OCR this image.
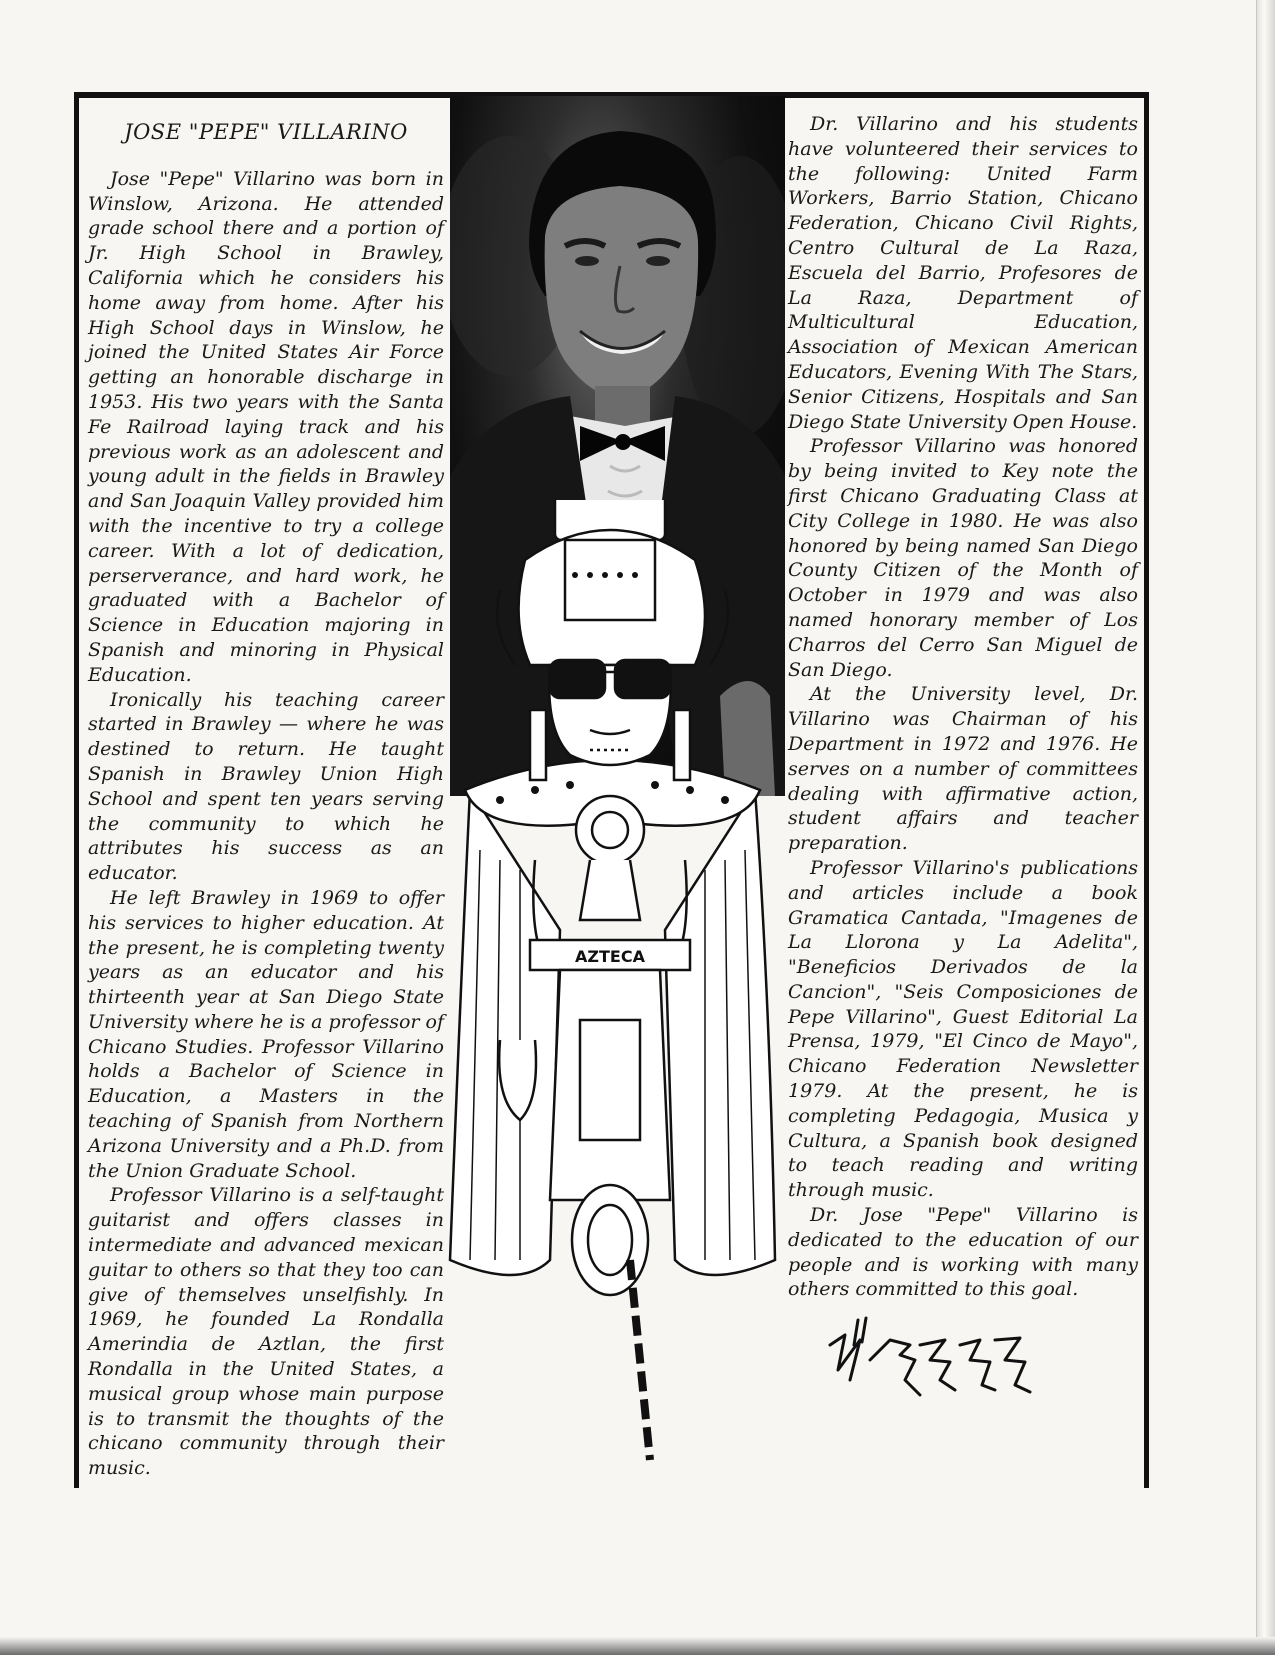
JOSE "PEPE" VILLARINO

Jose "Pepe" Villarino was born in Winslow, Arizona. He attended grade school there and a portion of Jr. High School in Brawley, California which he considers his home away from home. After his High School days in Winslow, he joined the United States Air Force getting an honorable discharge in 1953. His two years with the Santa Fe Railroad laying track and his previous work as an adolescent and young adult in the fields in Brawley and San Joaquin Valley provided him with the incentive to try a college career. With a lot of dedication, perserverance, and hard work, he graduated with a Bachelor of Science in Education majoring in Spanish and minoring in Physical Education.

Ironically his teaching career started in Brawley — where he was destined to return. He taught Spanish in Brawley Union High School and spent ten years serving the community to which he attributes his success as an educator.

He left Brawley in 1969 to offer his services to higher education. At the present, he is completing twenty years as an educator and his thirteenth year at San Diego State University where he is a professor of Chicano Studies. Professor Villarino holds a Bachelor of Science in Education, a Masters in the teaching of Spanish from Northern Arizona University and a Ph.D. from the Union Graduate School.

Professor Villarino is a self-taught guitarist and offers classes in intermediate and advanced mexican guitar to others so that they too can give of themselves unselfishly. In 1969, he founded La Rondalla Amerindia de Aztlan, the first Rondalla in the United States, a musical group whose main purpose is to transmit the thoughts of the chicano community through their music.

AZTECA

Dr. Villarino and his students have volunteered their services to the following: United Farm Workers, Barrio Station, Chicano Federation, Chicano Civil Rights, Centro Cultural de La Raza, Escuela del Barrio, Profesores de La Raza, Department of Multicultural Education, Association of Mexican American Educators, Evening With The Stars, Senior Citizens, Hospitals and San Diego State University Open House.

Professor Villarino was honored by being invited to Key note the first Chicano Graduating Class at City College in 1980. He was also honored by being named San Diego County Citizen of the Month of October in 1979 and was also named honorary member of Los Charros del Cerro San Miguel de San Diego.

At the University level, Dr. Villarino was Chairman of his Department in 1972 and 1976. He serves on a number of committees dealing with affirmative action, student affairs and teacher preparation.

Professor Villarino's publications and articles include a book Gramatica Cantada, "Imagenes de La Llorona y La Adelita", "Beneficios Derivados de la Cancion", "Seis Composiciones de Pepe Villarino", Guest Editorial La Prensa, 1979, "El Cinco de Mayo", Chicano Federation Newsletter 1979. At the present, he is completing Pedagogia, Musica y Cultura, a Spanish book designed to teach reading and writing through music.

Dr. Jose "Pepe" Villarino is dedicated to the education of our people and is working with many others committed to this goal.
